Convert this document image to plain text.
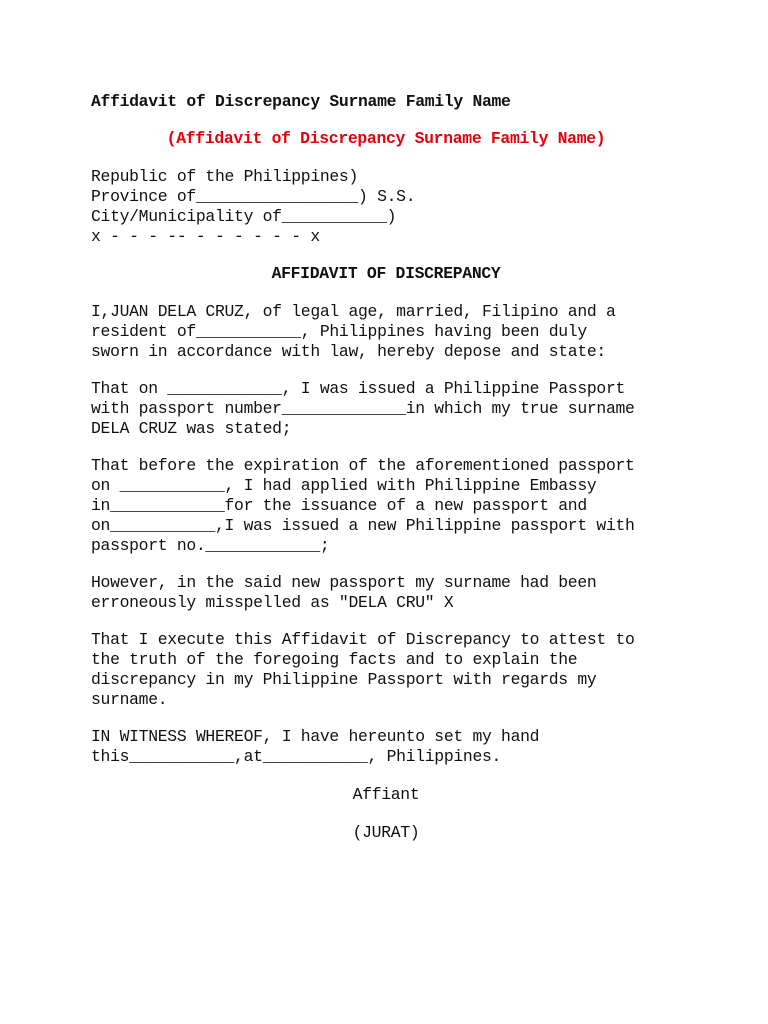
Affidavit of Discrepancy Surname Family Name
(Affidavit of Discrepancy Surname Family Name)
Republic of the Philippines)
Province of_________________) S.S.
City/Municipality of___________)
x - - - -- - - - - - - x
AFFIDAVIT OF DISCREPANCY
I,JUAN DELA CRUZ, of legal age, married, Filipino and a
resident of___________, Philippines having been duly
sworn in accordance with law, hereby depose and state:
That on ____________, I was issued a Philippine Passport
with passport number_____________in which my true surname
DELA CRUZ was stated;
That before the expiration of the aforementioned passport
on ___________, I had applied with Philippine Embassy
in____________for the issuance of a new passport and
on___________,I was issued a new Philippine passport with
passport no.____________;
However, in the said new passport my surname had been
erroneously misspelled as "DELA CRU" X
That I execute this Affidavit of Discrepancy to attest to
the truth of the foregoing facts and to explain the
discrepancy in my Philippine Passport with regards my
surname.
IN WITNESS WHEREOF, I have hereunto set my hand
this___________,at___________, Philippines.
Affiant
(JURAT)
